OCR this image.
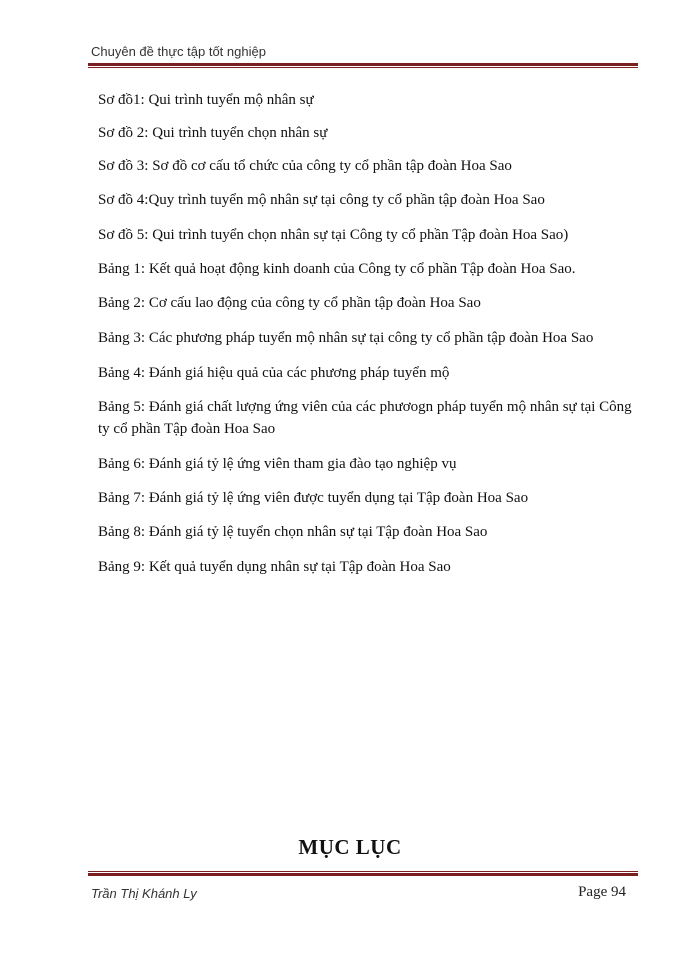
Chuyên đề thực tập tốt nghiệp
Sơ đồ1: Qui trình tuyển mộ nhân sự
Sơ đồ 2: Qui trình tuyển chọn nhân sự
Sơ đồ 3: Sơ đồ cơ cấu tổ chức của công ty cổ phần tập đoàn Hoa Sao
Sơ đồ 4:Quy trình tuyển mộ nhân sự tại công ty cổ phần tập đoàn Hoa Sao
Sơ đồ 5: Qui trình tuyển chọn nhân sự tại Công ty cổ phần Tập đoàn Hoa Sao)
Bảng 1: Kết quả hoạt động kinh doanh của Công ty cổ phần Tập đoàn Hoa Sao.
Bảng 2: Cơ cấu lao động của công ty cổ phần tập đoàn Hoa Sao
Bảng 3: Các phương pháp tuyển mộ nhân sự tại công ty cổ phần tập đoàn Hoa Sao
Bảng 4: Đánh giá hiệu quả của các phương pháp tuyển mộ
Bảng 5: Đánh giá chất lượng ứng viên của các phươogn pháp tuyển mộ nhân sự tại Công ty cổ phần Tập đoàn Hoa Sao
Bảng 6: Đánh giá tỷ lệ ứng viên tham gia đào tạo nghiệp vụ
Bảng 7: Đánh giá tỷ lệ ứng viên được tuyển dụng tại Tập đoàn Hoa Sao
Bảng 8: Đánh giá tỷ lệ tuyển chọn nhân sự tại Tập đoàn Hoa Sao
Bảng 9: Kết quả tuyển dụng nhân sự tại Tập đoàn Hoa Sao
MỤC LỤC
Trần Thị Khánh Ly	Page 94
